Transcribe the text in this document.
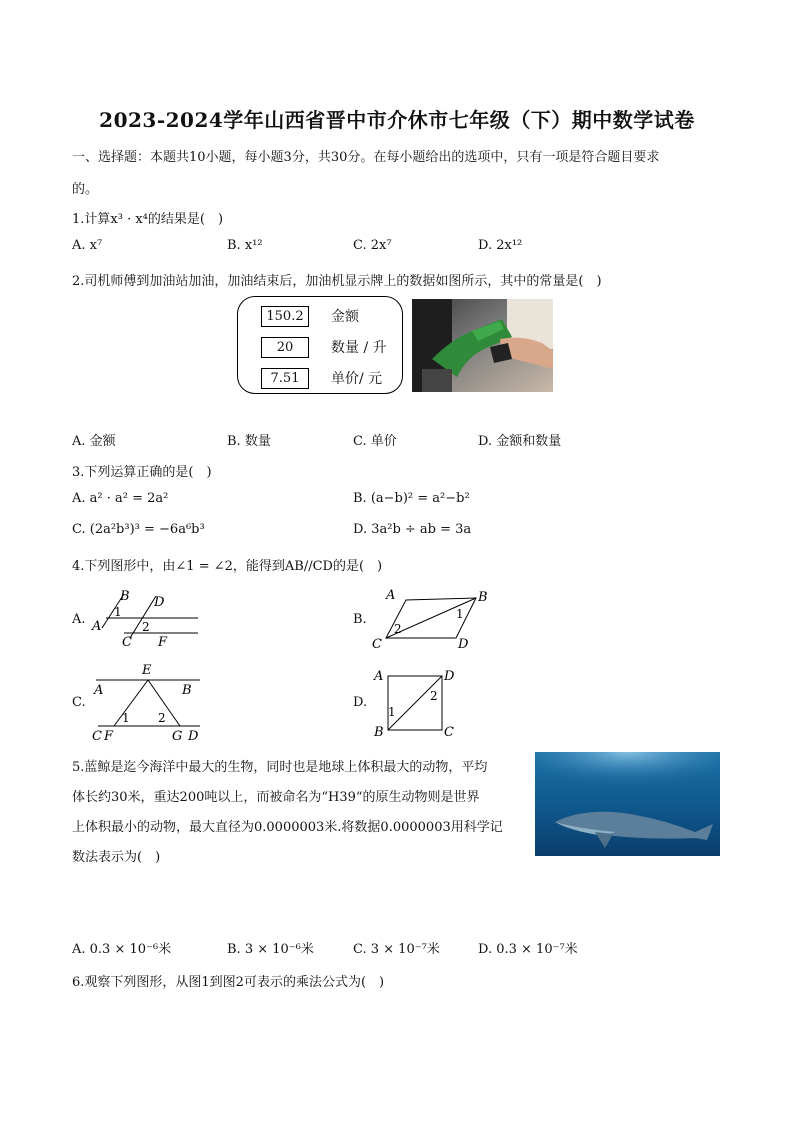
2023-2024学年山西省晋中市介休市七年级（下）期中数学试卷
一、选择题：本题共10小题，每小题3分，共30分。在每小题给出的选项中，只有一项是符合题目要求
的。
1.计算x³ · x⁴的结果是(　)
A. x⁷	B. x¹²	C. 2x⁷	D. 2x¹²
2.司机师傅到加油站加油，加油结束后，加油机显示牌上的数据如图所示，其中的常量是(　)
150.2	金额
20	数量 / 升
7.51	单价/ 元
A. 金额	B. 数量	C. 单价	D. 金额和数量
3.下列运算正确的是(　)
A. a² · a² = 2a²	B. (a−b)² = a²−b²
C. (2a²b³)³ = −6a⁶b³	D. 3a²b ÷ ab = 3a
4.下列图形中，由∠1 = ∠2，能得到AB//CD的是(　)
A.
B D
A
C F
1
2	B.
A	B
C	D
2
1
C.
E
A	B
C F	G D
1 2
D.
A	D
B	C
1
2
5.蓝鲸是迄今海洋中最大的生物，同时也是地球上体积最大的动物，平均
体长约30米，重达200吨以上，而被命名为“H39“的原生动物则是世界
上体积最小的动物，最大直径为0.0000003米.将数据0.0000003用科学记
数法表示为(　)
A. 0.3 × 10⁻⁶米	B. 3 × 10⁻⁶米	C. 3 × 10⁻⁷米	D. 0.3 × 10⁻⁷米
6.观察下列图形，从图1到图2可表示的乘法公式为(　)
